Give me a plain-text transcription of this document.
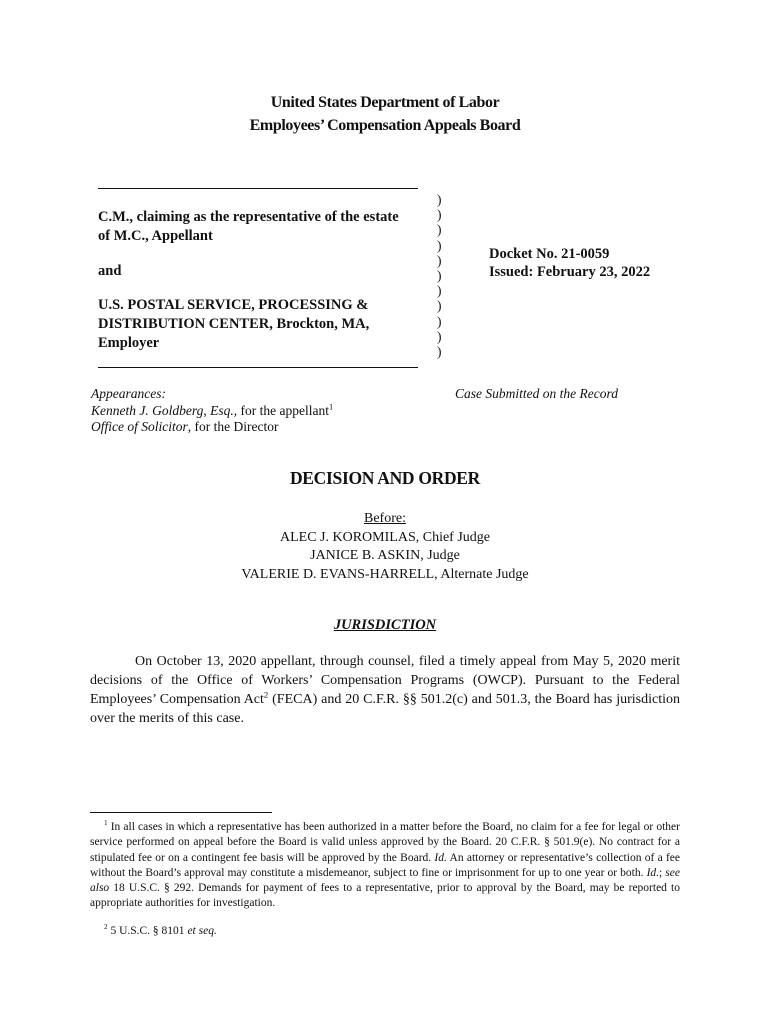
United States Department of Labor
Employees’ Compensation Appeals Board
C.M., claiming as the representative of the estate
of M.C., Appellant
and
U.S. POSTAL SERVICE, PROCESSING &
DISTRIBUTION CENTER, Brockton, MA,
Employer
)
)
)
)
)
)
)
)
)
)
)
Docket No. 21-0059
Issued: February 23, 2022
Appearances:
Kenneth J. Goldberg, Esq., for the appellant$^1$
Office of Solicitor, for the Director
Case Submitted on the Record
DECISION AND ORDER
Before:
ALEC J. KOROMILAS, Chief Judge
JANICE B. ASKIN, Judge
VALERIE D. EVANS-HARRELL, Alternate Judge
JURISDICTION
On October 13, 2020 appellant, through counsel, filed a timely appeal from May 5, 2020 merit decisions of the Office of Workers’ Compensation Programs (OWCP). Pursuant to the Federal Employees’ Compensation Act$^2$ (FECA) and 20 C.F.R. §§ 501.2(c) and 501.3, the Board has jurisdiction over the merits of this case.
$^1$ In all cases in which a representative has been authorized in a matter before the Board, no claim for a fee for legal or other service performed on appeal before the Board is valid unless approved by the Board. 20 C.F.R. § 501.9(e). No contract for a stipulated fee or on a contingent fee basis will be approved by the Board. Id. An attorney or representative’s collection of a fee without the Board’s approval may constitute a misdemeanor, subject to fine or imprisonment for up to one year or both. Id.; see also 18 U.S.C. § 292. Demands for payment of fees to a representative, prior to approval by the Board, may be reported to appropriate authorities for investigation.
$^2$ 5 U.S.C. § 8101 et seq.
